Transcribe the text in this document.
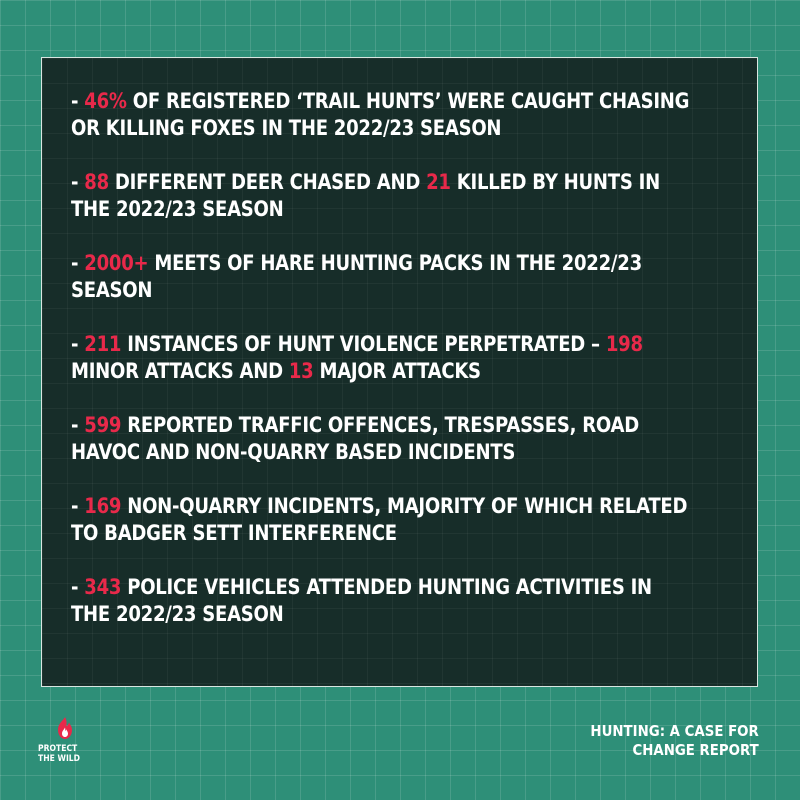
- 46% OF REGISTERED ‘TRAIL HUNTS’ WERE CAUGHT CHASING
OR KILLING FOXES IN THE 2022/23 SEASON

- 88 DIFFERENT DEER CHASED AND 21 KILLED BY HUNTS IN
THE 2022/23 SEASON

- 2000+ MEETS OF HARE HUNTING PACKS IN THE 2022/23
SEASON

- 211 INSTANCES OF HUNT VIOLENCE PERPETRATED – 198
MINOR ATTACKS AND 13 MAJOR ATTACKS

- 599 REPORTED TRAFFIC OFFENCES, TRESPASSES, ROAD
HAVOC AND NON-QUARRY BASED INCIDENTS

- 169 NON-QUARRY INCIDENTS, MAJORITY OF WHICH RELATED
TO BADGER SETT INTERFERENCE

- 343 POLICE VEHICLES ATTENDED HUNTING ACTIVITIES IN
THE 2022/23 SEASON

PROTECT
THE WILD
HUNTING: A CASE FOR
CHANGE REPORT
